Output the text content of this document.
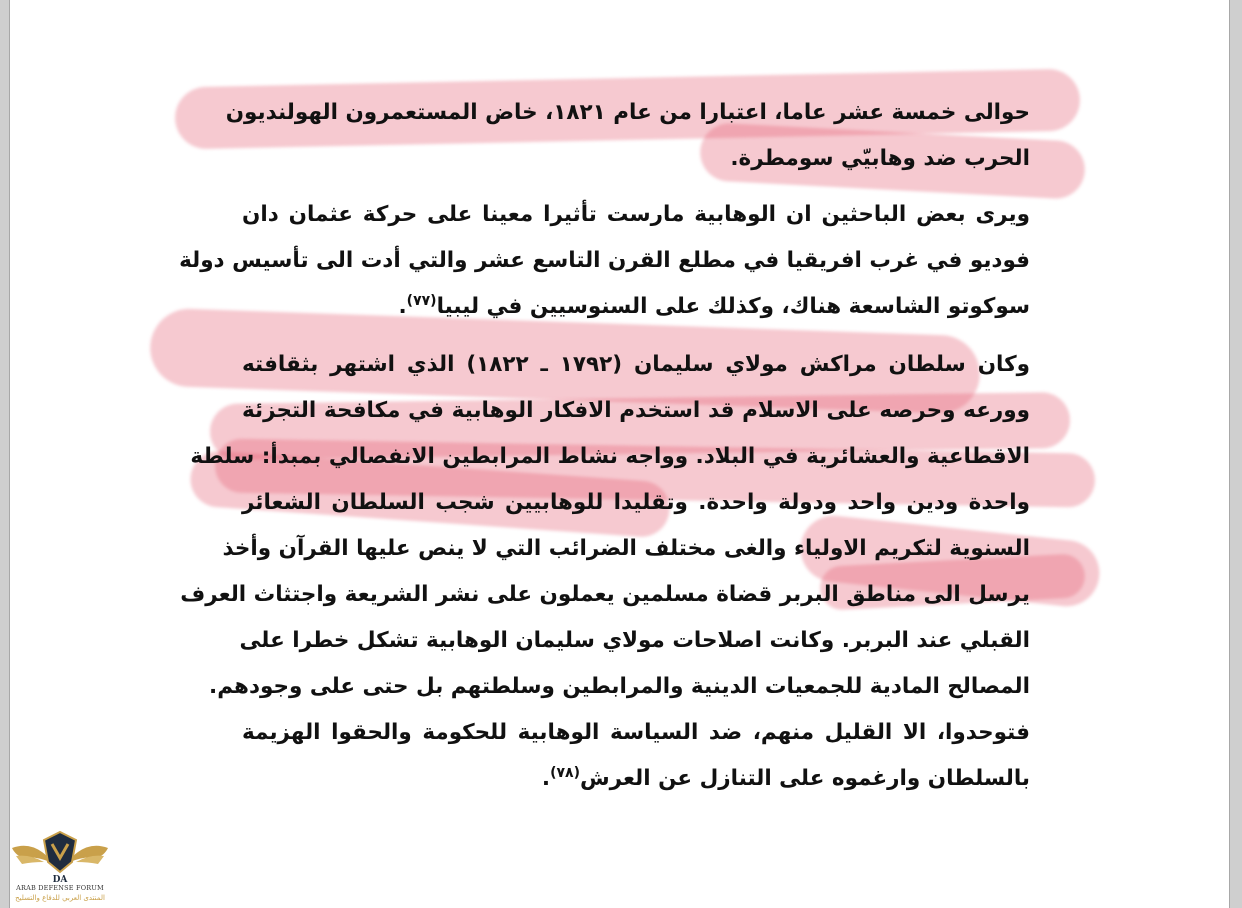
حوالى خمسة عشر عاما، اعتبارا من عام ١٨٢١، خاض المستعمرون الهولنديون
الحرب ضد وهابيّي سومطرة.

ويرى بعض الباحثين ان الوهابية مارست تأثيرا معينا على حركة عثمان دان
فوديو في غرب افريقيا في مطلع القرن التاسع عشر والتي أدت الى تأسيس دولة
سوكوتو الشاسعة هناك، وكذلك على السنوسيين في ليبيا$^{(٧٧)}$.

وكان سلطان مراكش مولاي سليمان (١٧٩٢ ـ ١٨٢٢) الذي اشتهر بثقافته
وورعه وحرصه على الاسلام قد استخدم الافكار الوهابية في مكافحة التجزئة
الاقطاعية والعشائرية في البلاد. وواجه نشاط المرابطين الانفصالي بمبدأ: سلطة
واحدة ودين واحد ودولة واحدة. وتقليدا للوهابيين شجب السلطان الشعائر
السنوية لتكريم الاولياء والغى مختلف الضرائب التي لا ينص عليها القرآن وأخذ
يرسل الى مناطق البربر قضاة مسلمين يعملون على نشر الشريعة واجتثاث العرف
القبلي عند البربر. وكانت اصلاحات مولاي سليمان الوهابية تشكل خطرا على
المصالح المادية للجمعيات الدينية والمرابطين وسلطتهم بل حتى على وجودهم.
فتوحدوا، الا القليل منهم، ضد السياسة الوهابية للحكومة والحقوا الهزيمة
بالسلطان وارغموه على التنازل عن العرش$^{(٧٨)}$.

DA
ARAB DEFENSE FORUM
المنتدى العربي للدفاع والتسليح
